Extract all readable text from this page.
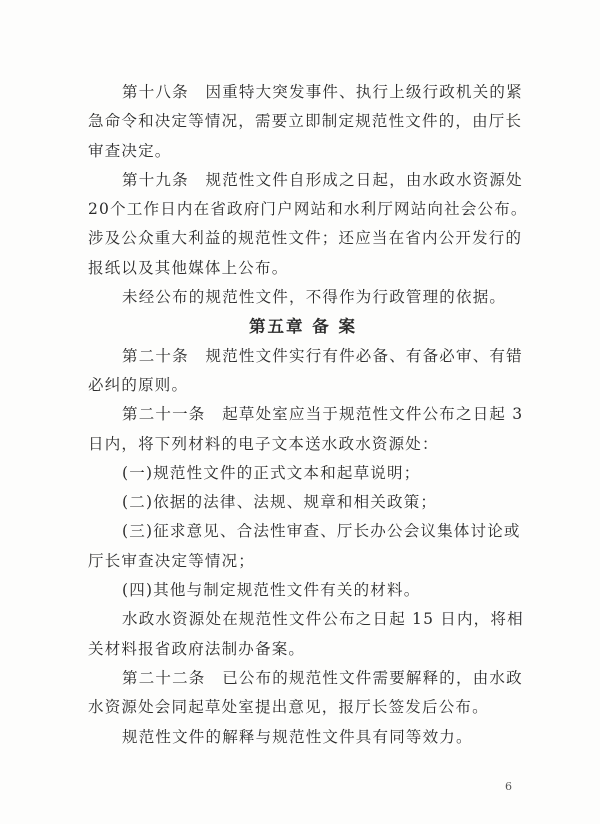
第十八条　因重特大突发事件、执行上级行政机关的紧
急命令和决定等情况，需要立即制定规范性文件的，由厅长
审查决定。
第十九条　规范性文件自形成之日起，由水政水资源处
20个工作日内在省政府门户网站和水利厅网站向社会公布。
涉及公众重大利益的规范性文件；还应当在省内公开发行的
报纸以及其他媒体上公布。
未经公布的规范性文件，不得作为行政管理的依据。
第五章 备 案
第二十条　规范性文件实行有件必备、有备必审、有错
必纠的原则。
第二十一条　起草处室应当于规范性文件公布之日起 3
日内，将下列材料的电子文本送水政水资源处：
(一)规范性文件的正式文本和起草说明；
(二)依据的法律、法规、规章和相关政策；
(三)征求意见、合法性审查、厅长办公会议集体讨论或
厅长审查决定等情况；
(四)其他与制定规范性文件有关的材料。
水政水资源处在规范性文件公布之日起 15 日内，将相
关材料报省政府法制办备案。
第二十二条　已公布的规范性文件需要解释的，由水政
水资源处会同起草处室提出意见，报厅长签发后公布。
规范性文件的解释与规范性文件具有同等效力。
6
